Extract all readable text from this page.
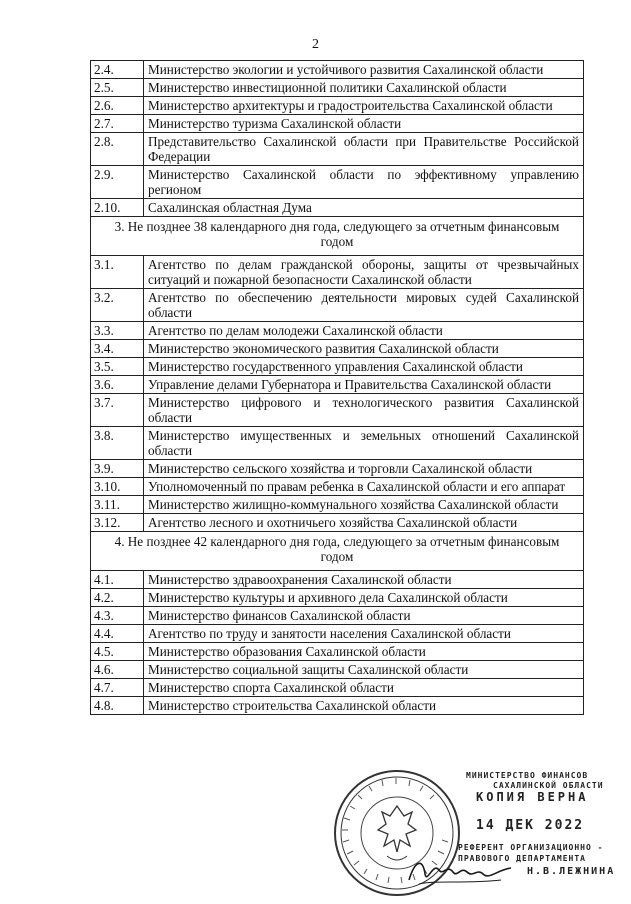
2
2.4.	Министерство экологии и устойчивого развития Сахалинской области
2.5.	Министерство инвестиционной политики Сахалинской области
2.6.	Министерство архитектуры и градостроительства Сахалинской области
2.7.	Министерство туризма Сахалинской области
2.8.	Представительство Сахалинской области при Правительстве Российской Федерации
2.9.	Министерство Сахалинской области по эффективному управлению регионом
2.10.	Сахалинская областная Дума
3. Не позднее 38 календарного дня года, следующего за отчетным финансовым годом	
3.1.	Агентство по делам гражданской обороны, защиты от чрезвычайных ситуаций и пожарной безопасности Сахалинской области
3.2.	Агентство по обеспечению деятельности мировых судей Сахалинской области
3.3.	Агентство по делам молодежи Сахалинской области
3.4.	Министерство экономического развития Сахалинской области
3.5.	Министерство государственного управления Сахалинской области
3.6.	Управление делами Губернатора и Правительства Сахалинской области
3.7.	Министерство цифрового и технологического развития Сахалинской области
3.8.	Министерство имущественных и земельных отношений Сахалинской области
3.9.	Министерство сельского хозяйства и торговли Сахалинской области
3.10.	Уполномоченный по правам ребенка в Сахалинской области и его аппарат
3.11.	Министерство жилищно-коммунального хозяйства Сахалинской области
3.12.	Агентство лесного и охотничьего хозяйства Сахалинской области
4. Не позднее 42 календарного дня года, следующего за отчетным финансовым годом	
4.1.	Министерство здравоохранения Сахалинской области
4.2.	Министерство культуры и архивного дела Сахалинской области
4.3.	Министерство финансов Сахалинской области
4.4.	Агентство по труду и занятости населения Сахалинской области
4.5.	Министерство образования Сахалинской области
4.6.	Министерство социальной защиты Сахалинской области
4.7.	Министерство спорта Сахалинской области
4.8.	Министерство строительства Сахалинской области
МИНИСТЕРСТВО ФИНАНСОВ
САХАЛИНСКОЙ ОБЛАСТИ
КОПИЯ ВЕРНА
14 ДЕК 2022
РЕФЕРЕНТ ОРГАНИЗАЦИОННО -
ПРАВОВОГО ДЕПАРТАМЕНТА
Н.В.ЛЕЖНИНА
